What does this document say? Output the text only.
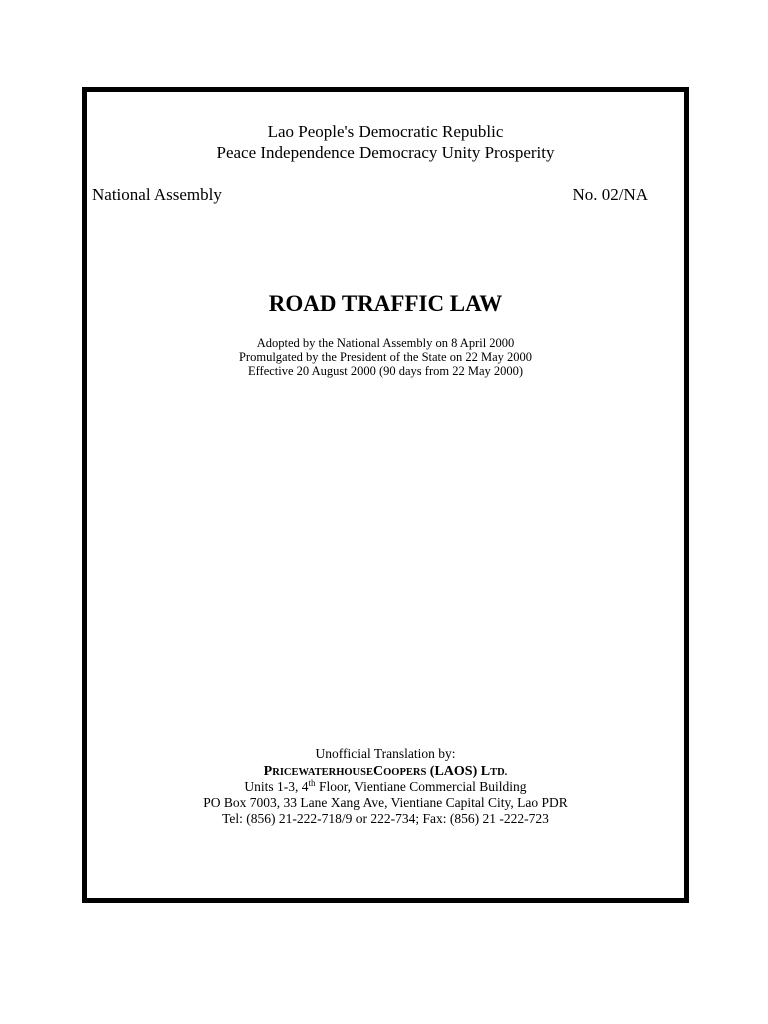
Lao People's Democratic Republic
Peace Independence Democracy Unity Prosperity
National Assembly	No. 02/NA
ROAD TRAFFIC LAW
Adopted by the National Assembly on 8 April 2000
Promulgated by the President of the State on 22 May 2000
Effective 20 August 2000 (90 days from 22 May 2000)
Unofficial Translation by:
PRICEWATERHOUSECOOPERS (LAOS) LTD.
Units 1-3, 4th Floor, Vientiane Commercial Building
PO Box 7003, 33 Lane Xang Ave, Vientiane Capital City, Lao PDR
Tel: (856) 21-222-718/9 or 222-734; Fax: (856) 21 -222-723
